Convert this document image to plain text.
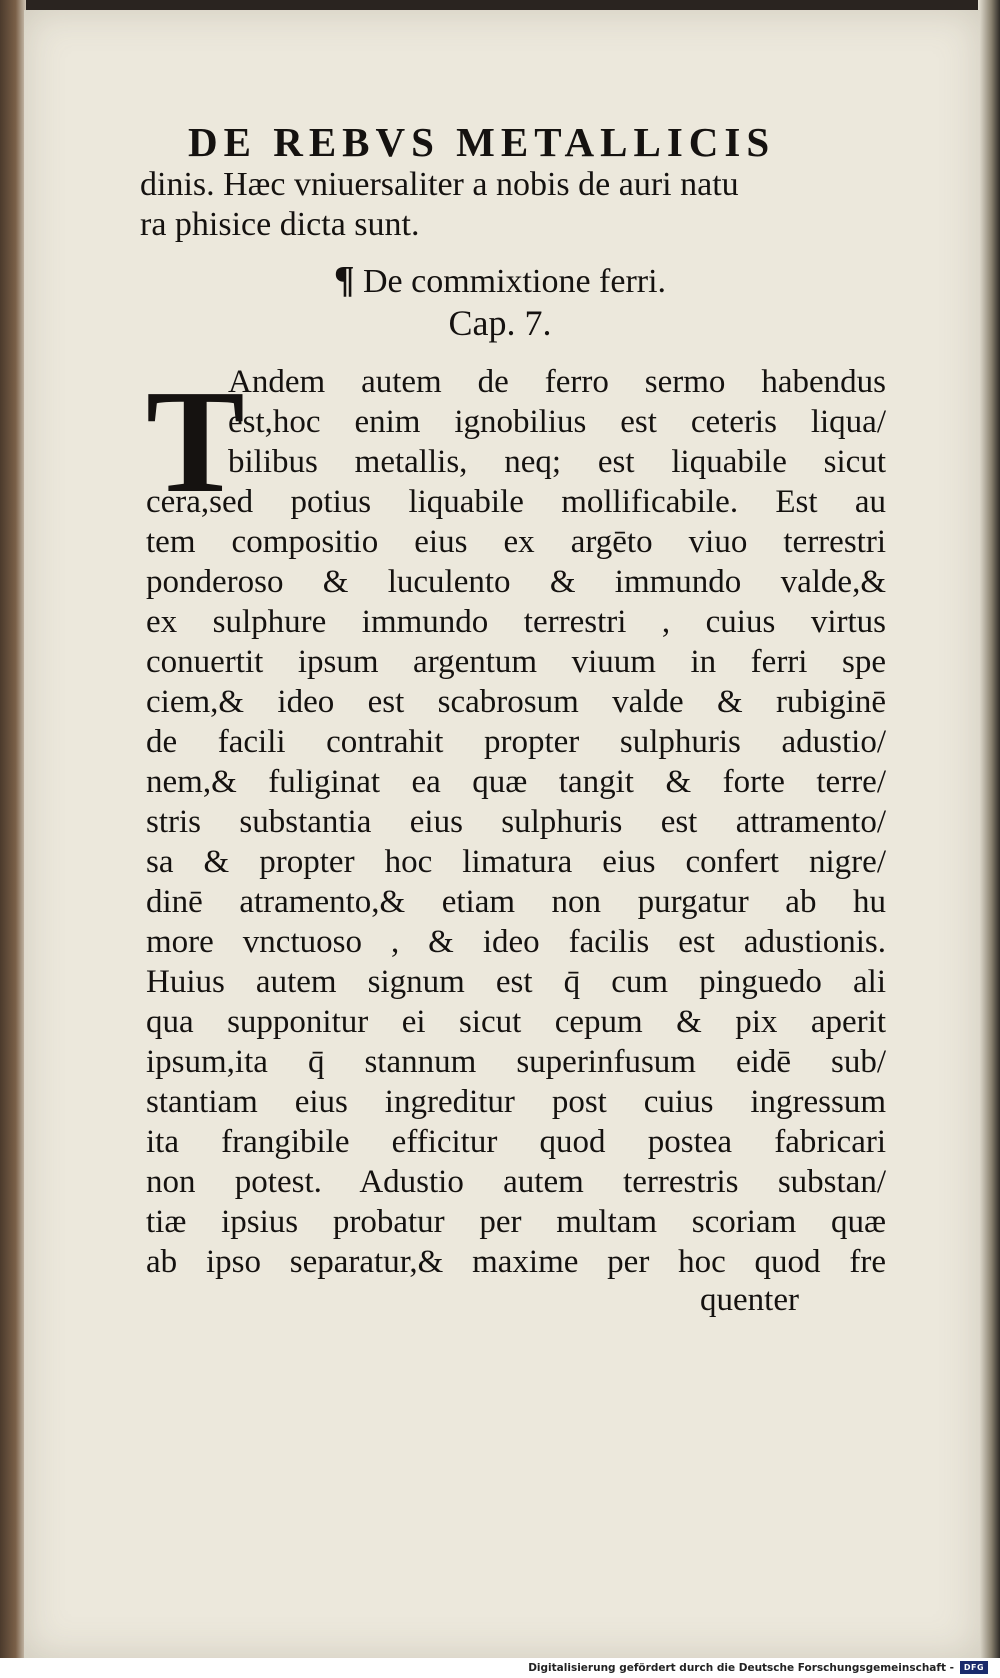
DE REBVS METALLICIS
dinis. Hæc vniuersaliter a nobis de auri natu
ra phisice dicta sunt.
¶ De commixtione ferri.
Cap. 7.
T
Andem autem de ferro sermo habendus
est,hoc enim ignobilius est ceteris liqua/
bilibus metallis, neq; est liquabile sicut
cera,sed potius liquabile mollificabile. Est au
tem compositio eius ex argēto viuo terrestri
ponderoso & luculento & immundo valde,&
ex sulphure immundo terrestri , cuius virtus
conuertit ipsum argentum viuum in ferri spe
ciem,& ideo est scabrosum valde & rubiginē
de facili contrahit propter sulphuris adustio/
nem,& fuliginat ea quæ tangit & forte terre/
stris substantia eius sulphuris est attramento/
sa & propter hoc limatura eius confert nigre/
dinē atramento,& etiam non purgatur ab hu
more vnctuoso , & ideo facilis est adustionis.
Huius autem signum est q̄ cum pinguedo ali
qua supponitur ei sicut cepum & pix aperit
ipsum,ita q̄ stannum superinfusum eidē sub/
stantiam eius ingreditur post cuius ingressum
ita frangibile efficitur quod postea fabricari
non potest. Adustio autem terrestris substan/
tiæ ipsius probatur per multam scoriam quæ
ab ipso separatur,& maxime per hoc quod fre
quenter
Digitalisierung gefördert durch die Deutsche Forschungsgemeinschaft -	DFG
